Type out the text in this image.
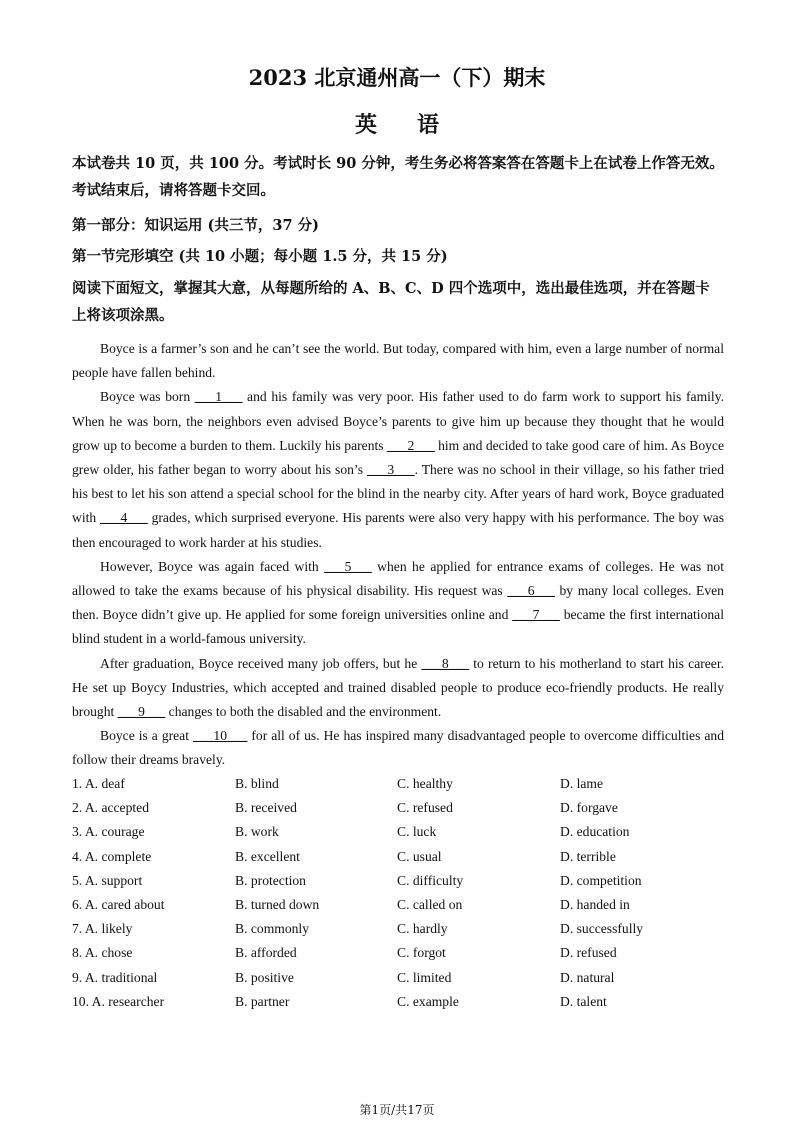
2023 北京通州高一（下）期末
英 语
本试卷共 10 页，共 100 分。考试时长 90 分钟，考生务必将答案答在答题卡上在试卷上作答无效。考试结束后，请将答题卡交回。
第一部分：知识运用 (共三节，37 分)
第一节完形填空 (共 10 小题；每小题 1.5 分，共 15 分)
阅读下面短文，掌握其大意，从每题所给的 A、B、C、D 四个选项中，选出最佳选项，并在答题卡上将该项涂黑。

Boyce is a farmer’s son and he can’t see the world. But today, compared with him, even a large number of normal people have fallen behind.

Boyce was born ___1___ and his family was very poor. His father used to do farm work to support his family. When he was born, the neighbors even advised Boyce’s parents to give him up because they thought that he would grow up to become a burden to them. Luckily his parents ___2___ him and decided to take good care of him. As Boyce grew older, his father began to worry about his son’s ___3___. There was no school in their village, so his father tried his best to let his son attend a special school for the blind in the nearby city. After years of hard work, Boyce graduated with ___4___ grades, which surprised everyone. His parents were also very happy with his performance. The boy was then encouraged to work harder at his studies.

However, Boyce was again faced with ___5___ when he applied for entrance exams of colleges. He was not allowed to take the exams because of his physical disability. His request was ___6___ by many local colleges. Even then. Boyce didn’t give up. He applied for some foreign universities online and ___7___ became the first international blind student in a world-famous university.

After graduation, Boyce received many job offers, but he ___8___ to return to his motherland to start his career. He set up Boycy Industries, which accepted and trained disabled people to produce eco-friendly products. He really brought ___9___ changes to both the disabled and the environment.

Boyce is a great ___10___ for all of us. He has inspired many disadvantaged people to overcome difficulties and follow their dreams bravely.

1. A. deaf	B. blind	C. healthy	D. lame
2. A. accepted	B. received	C. refused	D. forgave
3. A. courage	B. work	C. luck	D. education
4. A. complete	B. excellent	C. usual	D. terrible
5. A. support	B. protection	C. difficulty	D. competition
6. A. cared about	B. turned down	C. called on	D. handed in
7. A. likely	B. commonly	C. hardly	D. successfully
8. A. chose	B. afforded	C. forgot	D. refused
9. A. traditional	B. positive	C. limited	D. natural
10. A. researcher	B. partner	C. example	D. talent
第1页/共17页
